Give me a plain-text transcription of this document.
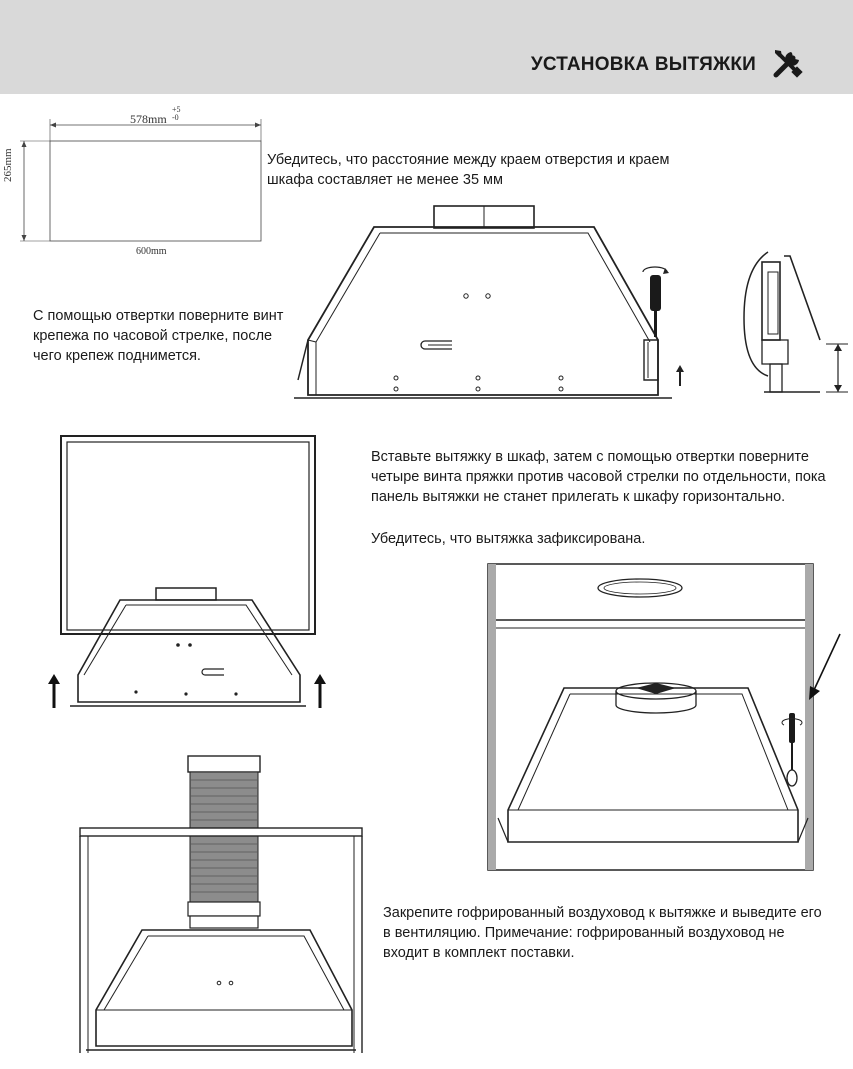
УСТАНОВКА ВЫТЯЖКИ
578mm
+5
-0
265mm
600mm
Убедитесь, что расстояние между краем отверстия и краем шкафа составляет не менее 35 мм
С помощью отвертки поверните винт крепежа по часовой стрелке, после чего крепеж поднимется.
Вставьте вытяжку в шкаф, затем с помощью отвертки поверните четыре винта пряжки против часовой стрелки по отдельности, пока панель вытяжки не станет прилегать к шкафу горизонтально.
Убедитесь, что вытяжка зафиксирована.
Закрепите гофрированный воздуховод к вытяжке и выведите его в вентиляцию. Примечание: гофрированный воздуховод не входит в комплект поставки.
